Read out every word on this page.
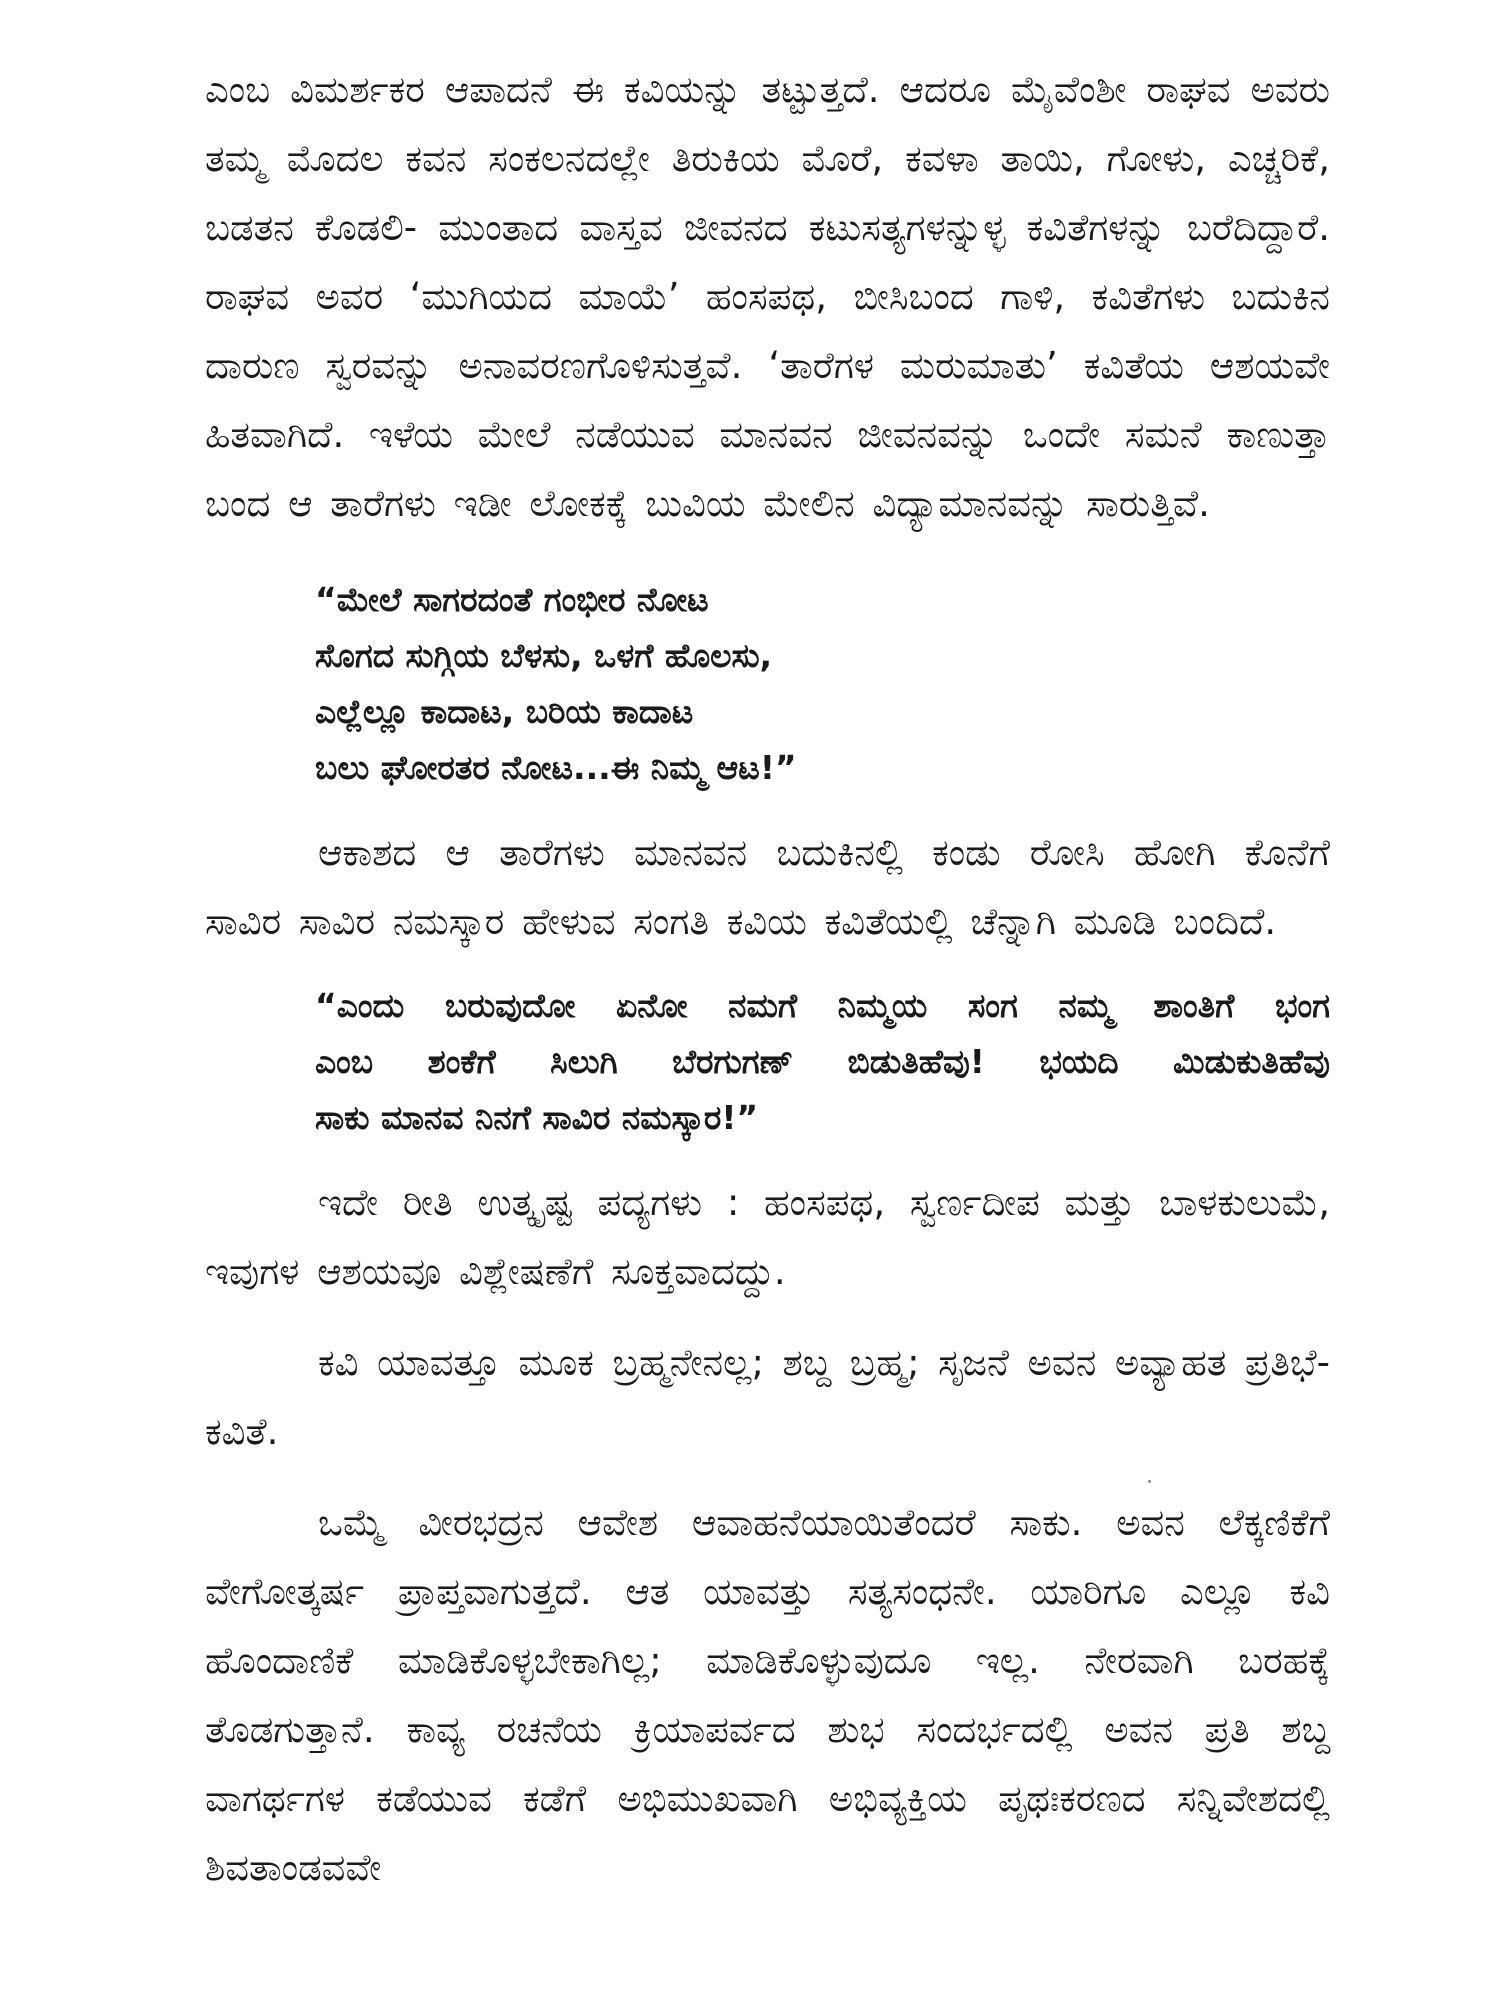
ಎಂಬ ವಿಮರ್ಶಕರ ಆಪಾದನೆ ಈ ಕವಿಯನ್ನು ತಟ್ಟುತ್ತದೆ. ಆದರೂ ಮೈವೆಂಶೀ ರಾಘವ ಅವರು ತಮ್ಮ ಮೊದಲ ಕವನ ಸಂಕಲನದಲ್ಲೇ ತಿರುಕಿಯ ಮೊರೆ, ಕವಳಾ ತಾಯಿ, ಗೋಳು, ಎಚ್ಚರಿಕೆ, ಬಡತನ ಕೊಡಲಿ- ಮುಂತಾದ ವಾಸ್ತವ ಜೀವನದ ಕಟುಸತ್ಯಗಳನ್ನುಳ್ಳ ಕವಿತೆಗಳನ್ನು ಬರೆದಿದ್ದಾರೆ. ರಾಘವ ಅವರ ‘ಮುಗಿಯದ ಮಾಯೆ’ ಹಂಸಪಥ, ಬೀಸಿಬಂದ ಗಾಳಿ, ಕವಿತೆಗಳು ಬದುಕಿನ ದಾರುಣ ಸ್ವರವನ್ನು ಅನಾವರಣಗೊಳಿಸುತ್ತವೆ. ‘ತಾರೆಗಳ ಮರುಮಾತು’ ಕವಿತೆಯ ಆಶಯವೇ ಹಿತವಾಗಿದೆ. ಇಳೆಯ ಮೇಲೆ ನಡೆಯುವ ಮಾನವನ ಜೀವನವನ್ನು ಒಂದೇ ಸಮನೆ ಕಾಣುತ್ತಾ ಬಂದ ಆ ತಾರೆಗಳು ಇಡೀ ಲೋಕಕ್ಕೆ ಬುವಿಯ ಮೇಲಿನ ವಿದ್ಯಾಮಾನವನ್ನು ಸಾರುತ್ತಿವೆ.

“ಮೇಲೆ ಸಾಗರದಂತೆ ಗಂಭೀರ ನೋಟ
ಸೊಗದ ಸುಗ್ಗಿಯ ಬೆಳಸು, ಒಳಗೆ ಹೊಲಸು,
ಎಲ್ಲೆಲ್ಲೂ ಕಾದಾಟ, ಬರಿಯ ಕಾದಾಟ
ಬಲು ಘೋರತರ ನೋಟ...ಈ ನಿಮ್ಮ ಆಟ!”

ಆಕಾಶದ ಆ ತಾರೆಗಳು ಮಾನವನ ಬದುಕಿನಲ್ಲಿ ಕಂಡು ರೋಸಿ ಹೋಗಿ ಕೊನೆಗೆ ಸಾವಿರ ಸಾವಿರ ನಮಸ್ಕಾರ ಹೇಳುವ ಸಂಗತಿ ಕವಿಯ ಕವಿತೆಯಲ್ಲಿ ಚೆನ್ನಾಗಿ ಮೂಡಿ ಬಂದಿದೆ.

“ಎಂದು ಬರುವುದೋ ಏನೋ ನಮಗೆ ನಿಮ್ಮಯ ಸಂಗ ನಮ್ಮ ಶಾಂತಿಗೆ ಭಂಗ
ಎಂಬ ಶಂಕೆಗೆ ಸಿಲುಗಿ ಬೆರಗುಗಣ್ ಬಿಡುತಿಹೆವು! ಭಯದಿ ಮಿಡುಕುತಿಹೆವು
ಸಾಕು ಮಾನವ ನಿನಗೆ ಸಾವಿರ ನಮಸ್ಕಾರ!”

ಇದೇ ರೀತಿ ಉತ್ಕೃಷ್ಟ ಪದ್ಯಗಳು : ಹಂಸಪಥ, ಸ್ವರ್ಣದೀಪ ಮತ್ತು ಬಾಳಕುಲುಮೆ, ಇವುಗಳ ಆಶಯವೂ ವಿಶ್ಲೇಷಣೆಗೆ ಸೂಕ್ತವಾದದ್ದು.

ಕವಿ ಯಾವತ್ತೂ ಮೂಕ ಬ್ರಹ್ಮನೇನಲ್ಲ; ಶಬ್ದ ಬ್ರಹ್ಮ; ಸೃಜನೆ ಅವನ ಅವ್ಯಾಹತ ಪ್ರತಿಭೆ-ಕವಿತೆ.

ಒಮ್ಮೆ ವೀರಭದ್ರನ ಆವೇಶ ಆವಾಹನೆಯಾಯಿತೆಂದರೆ ಸಾಕು. ಅವನ ಲೆಕ್ಕಣಿಕೆಗೆ ವೇಗೋತ್ಕರ್ಷ ಪ್ರಾಪ್ತವಾಗುತ್ತದೆ. ಆತ ಯಾವತ್ತು ಸತ್ಯಸಂಧನೇ. ಯಾರಿಗೂ ಎಲ್ಲೂ ಕವಿ ಹೊಂದಾಣಿಕೆ ಮಾಡಿಕೊಳ್ಳಬೇಕಾಗಿಲ್ಲ; ಮಾಡಿಕೊಳ್ಳುವುದೂ ಇಲ್ಲ. ನೇರವಾಗಿ ಬರಹಕ್ಕೆ ತೊಡಗುತ್ತಾನೆ. ಕಾವ್ಯ ರಚನೆಯ ಕ್ರಿಯಾಪರ್ವದ ಶುಭ ಸಂದರ್ಭದಲ್ಲಿ ಅವನ ಪ್ರತಿ ಶಬ್ದ ವಾಗರ್ಥಗಳ ಕಡೆಯುವ ಕಡೆಗೆ ಅಭಿಮುಖವಾಗಿ ಅಭಿವ್ಯಕ್ತಿಯ ಪೃಥಃಕರಣದ ಸನ್ನಿವೇಶದಲ್ಲಿ ಶಿವತಾಂಡವವೇ
